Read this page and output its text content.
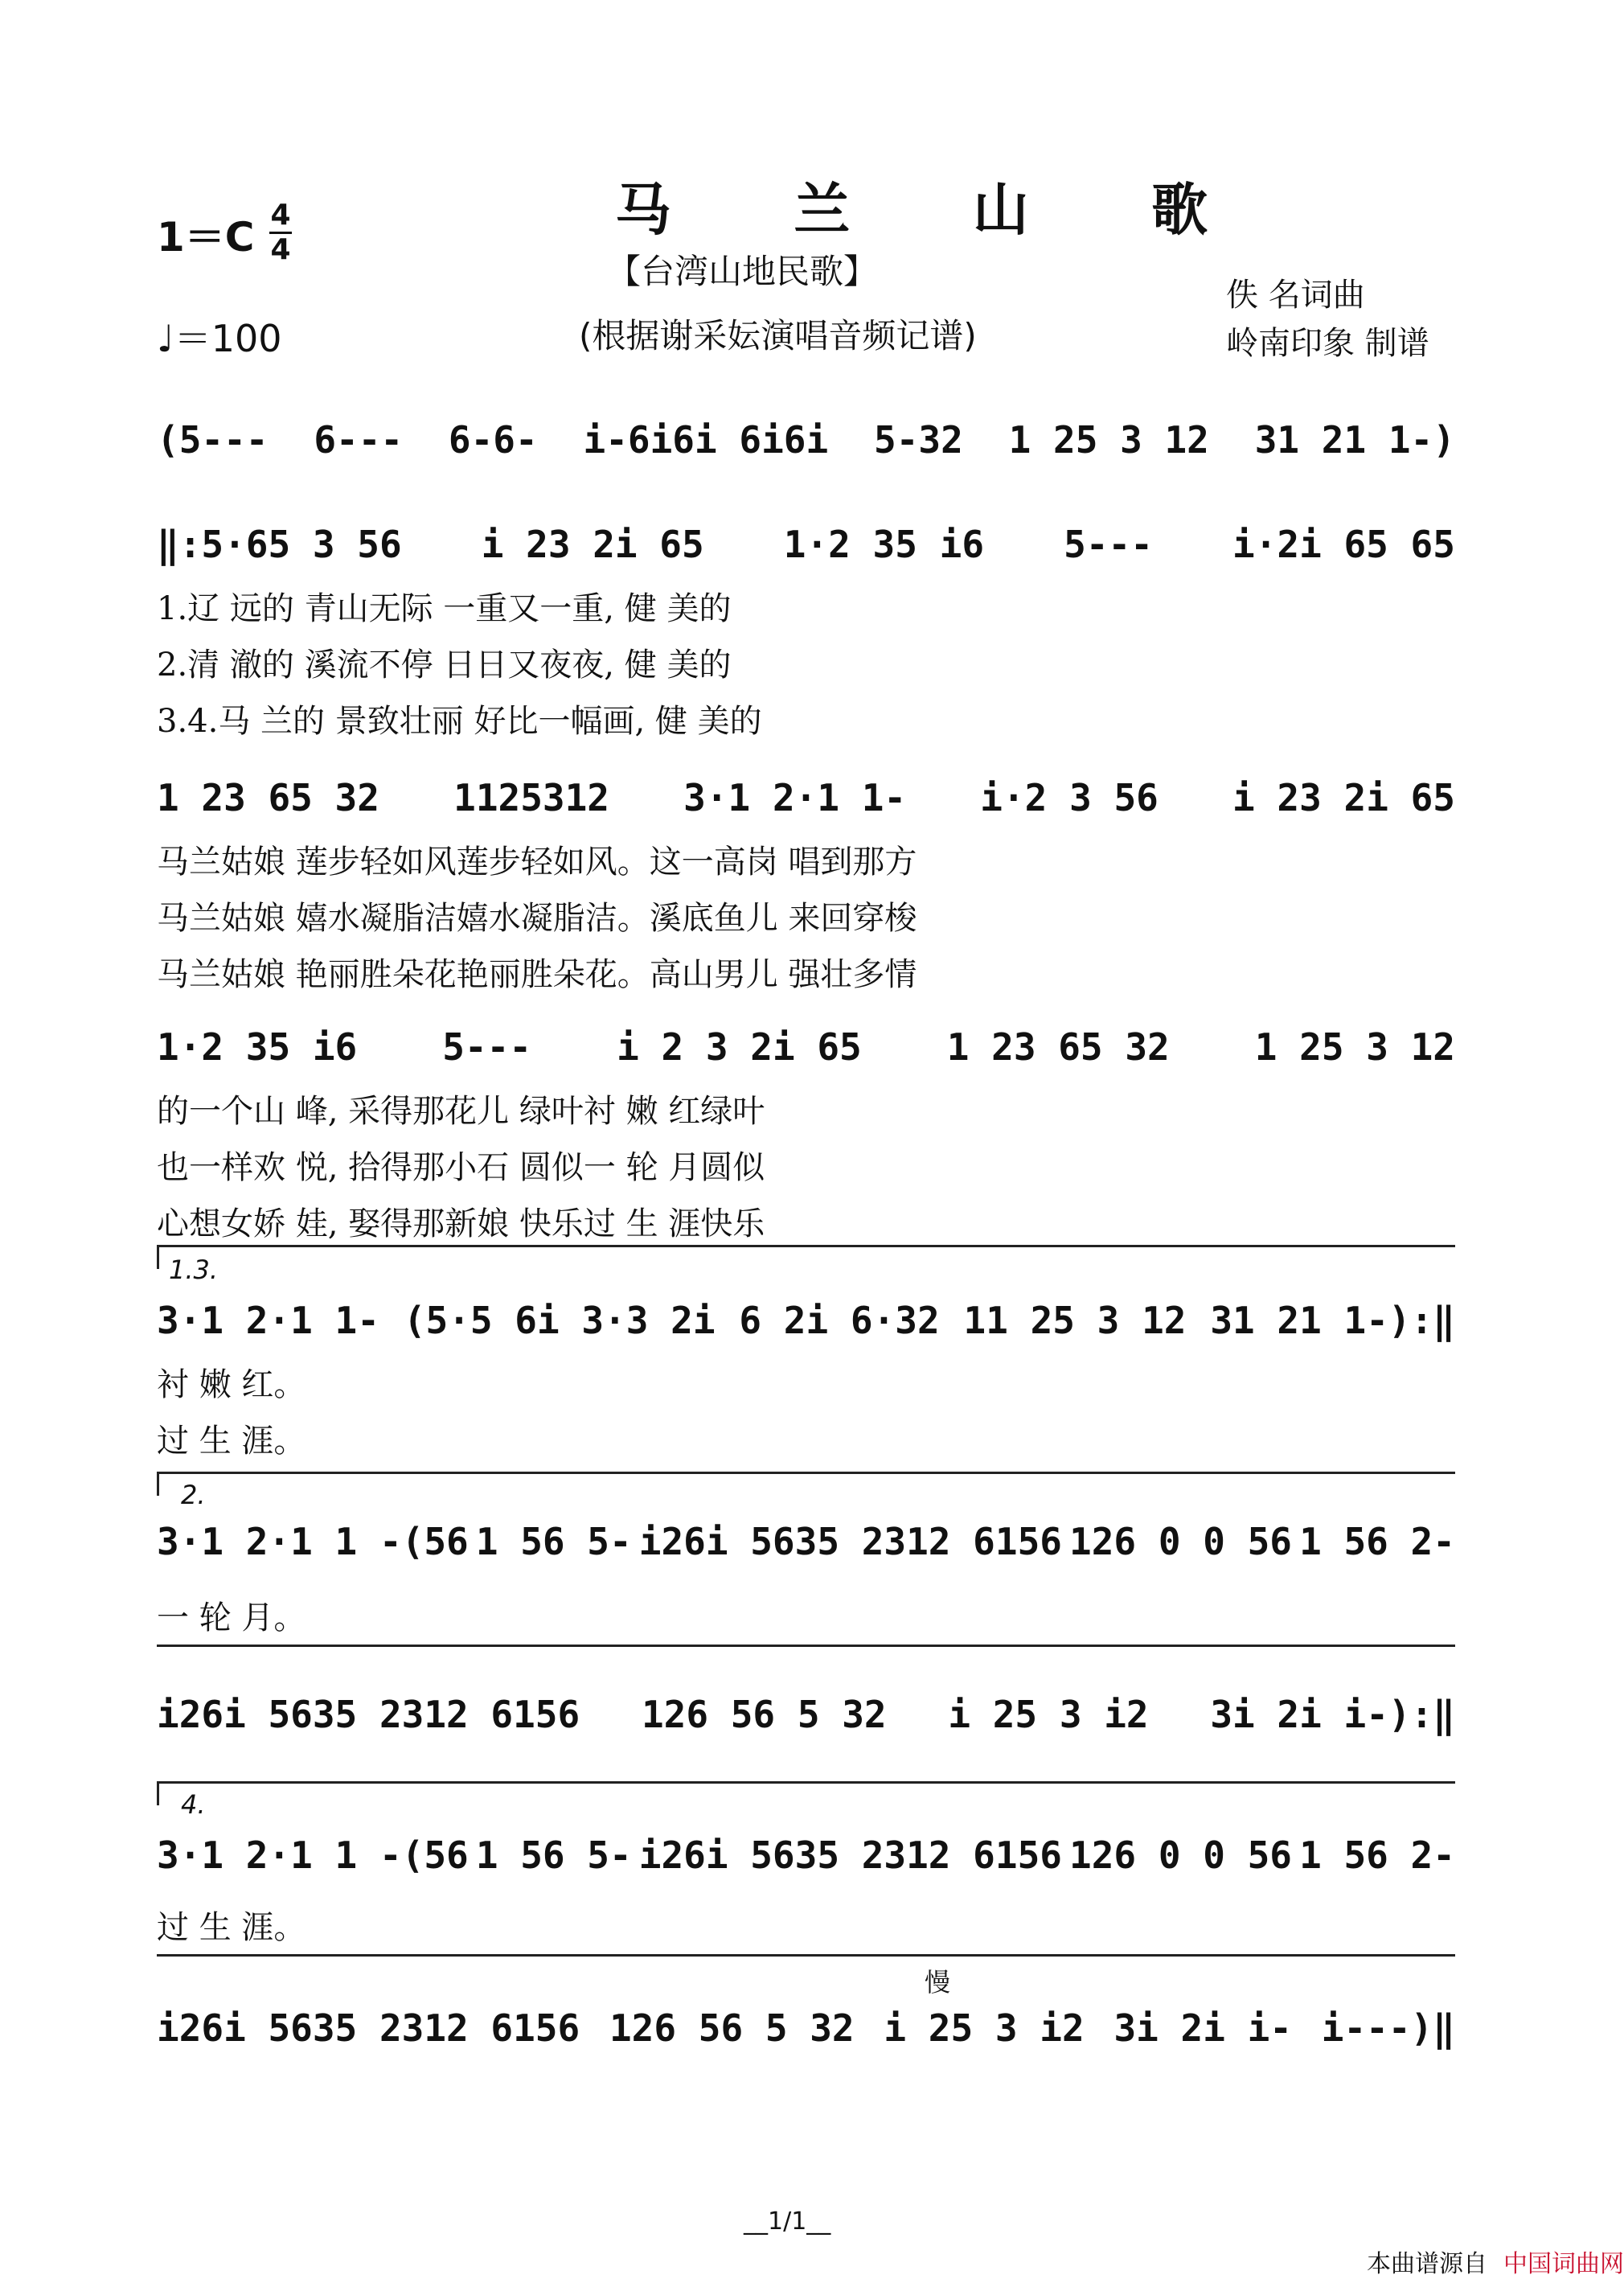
马 兰 山 歌
【台湾山地民歌】
(根据谢采妘演唱音频记谱)
1＝C 4
4
♩＝100
佚 名词曲
岭南印象 制谱
(5--- 6--- 6-6- i-6i6i 6i6i 5-32 1 25 3 12 31 21 1-)
‖:5·65 3 56 i 23 2i 65 1·2 35 i6 5--- i·2i 65 65
1.辽 远的 青山无际 一重又一重, 健 美的
2.清 澈的 溪流不停 日日又夜夜, 健 美的
3.4.马 兰的 景致壮丽 好比一幅画, 健 美的
1 23 65 32 1125312 3·1 2·1 1- i·2 3 56 i 23 2i 65
马兰姑娘 莲步轻如风莲步轻如风。这一高岗 唱到那方
马兰姑娘 嬉水凝脂洁嬉水凝脂洁。溪底鱼儿 来回穿梭
马兰姑娘 艳丽胜朵花艳丽胜朵花。高山男儿 强壮多情
1·2 35 i6 5--- i 2 3 2i 65 1 23 65 32 1 25 3 12
的一个山 峰, 采得那花儿 绿叶衬 嫩 红绿叶
也一样欢 悦, 拾得那小石 圆似一 轮 月圆似
心想女娇 娃, 娶得那新娘 快乐过 生 涯快乐
1.3.
3·1 2·1 1- (5·5 6i 3·3 2i 6 2i 6·32 11 25 3 12 31 21 1-):‖
衬 嫩 红。
过 生 涯。
2.
3·1 2·1 1 -(56 1 56 5- i26i 5635 2312 6156 126 0 0 56 1 56 2-
一 轮 月。
i26i 5635 2312 6156 126 56 5 32 i 25 3 i2 3i 2i i-):‖
4.
3·1 2·1 1 -(56 1 56 5- i26i 5635 2312 6156 126 0 0 56 1 56 2-
过 生 涯。
慢
i26i 5635 2312 6156 126 56 5 32 i 25 3 i2 3i 2i i- i---)‖
__1/1__
本曲谱源自 中国词曲网
